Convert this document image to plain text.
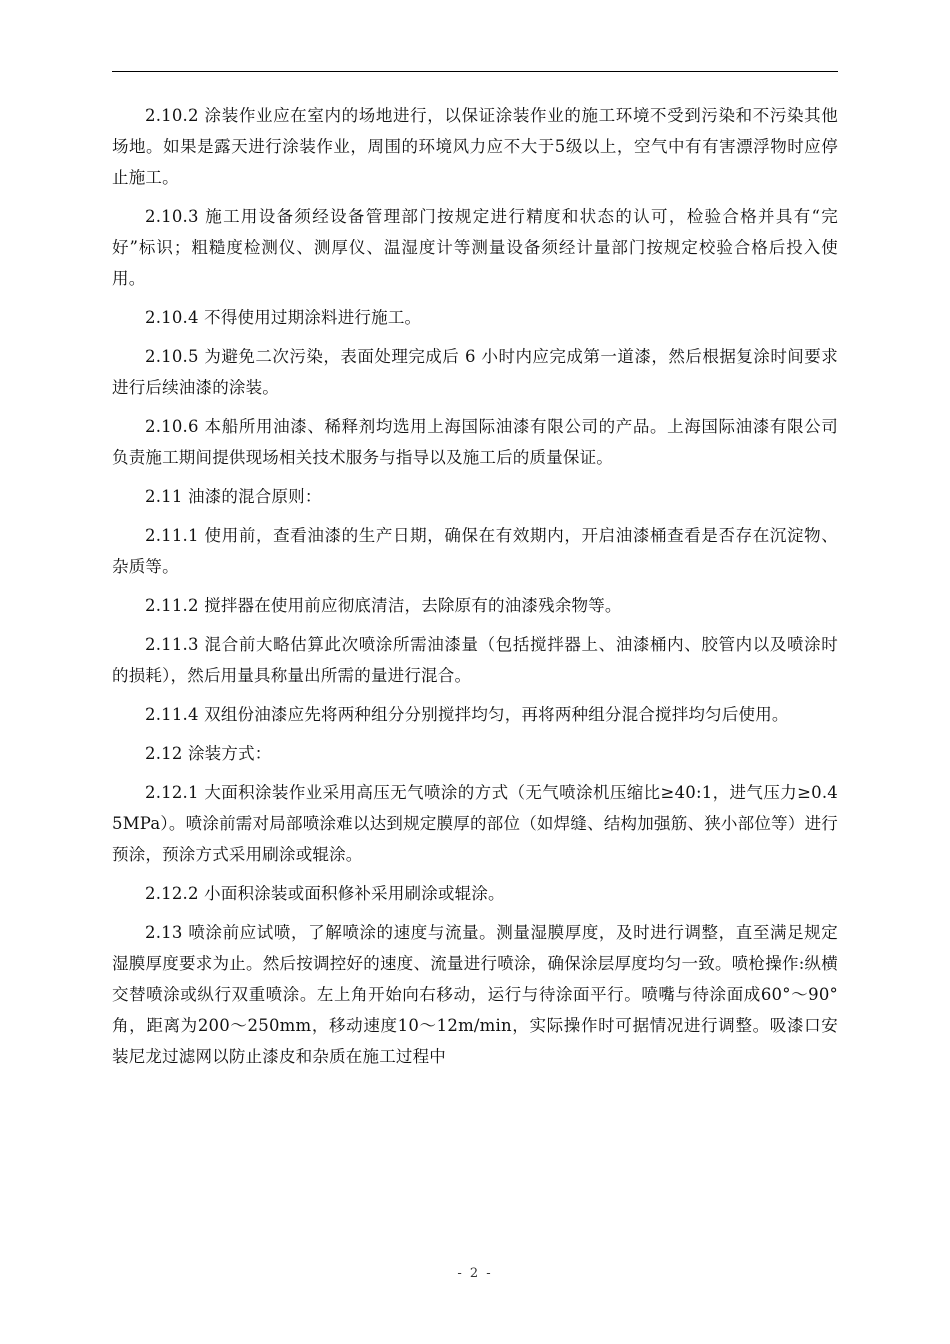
2.10.2 涂装作业应在室内的场地进行，以保证涂装作业的施工环境不受到污染和不污染其他场地。如果是露天进行涂装作业，周围的环境风力应不大于5级以上，空气中有有害漂浮物时应停止施工。

2.10.3 施工用设备须经设备管理部门按规定进行精度和状态的认可，检验合格并具有“完好”标识；粗糙度检测仪、测厚仪、温湿度计等测量设备须经计量部门按规定校验合格后投入使用。

2.10.4 不得使用过期涂料进行施工。

2.10.5 为避免二次污染，表面处理完成后 6 小时内应完成第一道漆，然后根据复涂时间要求进行后续油漆的涂装。

2.10.6 本船所用油漆、稀释剂均选用上海国际油漆有限公司的产品。上海国际油漆有限公司负责施工期间提供现场相关技术服务与指导以及施工后的质量保证。

2.11 油漆的混合原则：

2.11.1 使用前，查看油漆的生产日期，确保在有效期内，开启油漆桶查看是否存在沉淀物、杂质等。

2.11.2 搅拌器在使用前应彻底清洁，去除原有的油漆残余物等。

2.11.3 混合前大略估算此次喷涂所需油漆量（包括搅拌器上、油漆桶内、胶管内以及喷涂时的损耗），然后用量具称量出所需的量进行混合。

2.11.4 双组份油漆应先将两种组分分别搅拌均匀，再将两种组分混合搅拌均匀后使用。

2.12 涂装方式：

2.12.1 大面积涂装作业采用高压无气喷涂的方式（无气喷涂机压缩比≥40:1，进气压力≥0.45MPa）。喷涂前需对局部喷涂难以达到规定膜厚的部位（如焊缝、结构加强筋、狭小部位等）进行预涂，预涂方式采用刷涂或辊涂。

2.12.2 小面积涂装或面积修补采用刷涂或辊涂。

2.13 喷涂前应试喷，了解喷涂的速度与流量。测量湿膜厚度，及时进行调整，直至满足规定湿膜厚度要求为止。然后按调控好的速度、流量进行喷涂，确保涂层厚度均匀一致。喷枪操作:纵横交替喷涂或纵行双重喷涂。左上角开始向右移动，运行与待涂面平行。喷嘴与待涂面成60°～90°角，距离为200～250mm，移动速度10～12m/min，实际操作时可据情况进行调整。吸漆口安装尼龙过滤网以防止漆皮和杂质在施工过程中

- 2 -
